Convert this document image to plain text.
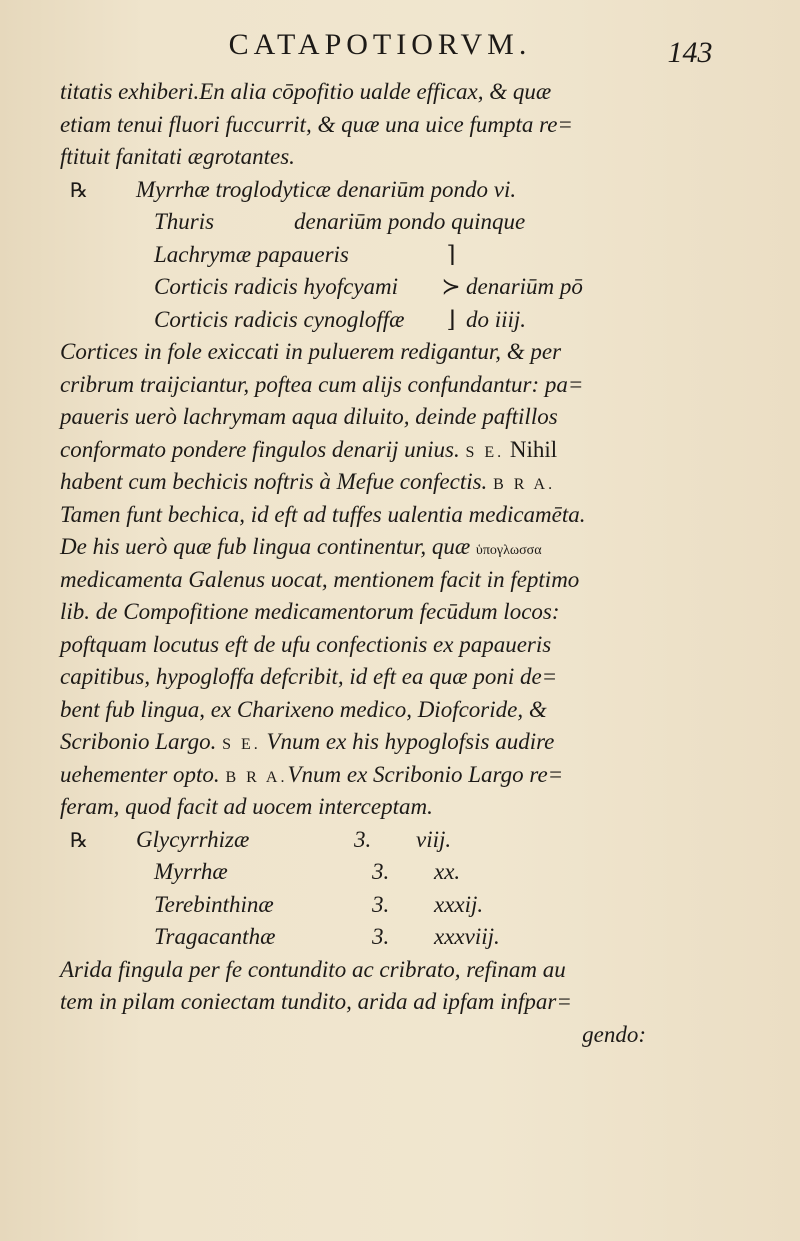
CATAPOTIORVM.	143
titatis exhiberi.En alia cōpofitio ualde efficax, & quæ
etiam tenui fluori fuccurrit, & quæ una uice fumpta re=
ftituit fanitati ægrotantes.
℞ Myrrhæ troglodyticæ denariūm pondo vi.
Thuris	denariūm pondo quinque
Lachrymæ papaueris	⌉
Corticis radicis hyofcyami ≻ denariūm pō
Corticis radicis cynogloffæ ⌋ do iiij.
Cortices in fole exiccati in puluerem redigantur, & per
cribrum traijciantur, poftea cum alijs confundantur: pa=
paueris uerò lachrymam aqua diluito, deinde paftillos
conformato pondere fingulos denarij unius. S E. Nihil
habent cum bechicis noftris à Mefue confectis. B R A.
Tamen funt bechica, id eft ad tuffes ualentia medicamēta.
De his uerò quæ fub lingua continentur, quæ ὑπογλωσσα
medicamenta Galenus uocat, mentionem facit in feptimo
lib. de Compofitione medicamentorum fecūdum locos:
poftquam locutus eft de ufu confectionis ex papaueris
capitibus, hypogloffa defcribit, id eft ea quæ poni de=
bent fub lingua, ex Charixeno medico, Diofcoride, &
Scribonio Largo. S E. Vnum ex his hypoglofsis audire
uehementer opto. B R A.Vnum ex Scribonio Largo re=
feram, quod facit ad uocem interceptam.
℞ Glycyrrhizæ	3. viij.
Myrrhæ	3. xx.
Terebinthinæ	3. xxxij.
Tragacanthæ	3. xxxviij.
Arida fingula per fe contundito ac cribrato, refinam au
tem in pilam coniectam tundito, arida ad ipfam infpar=
gendo:
